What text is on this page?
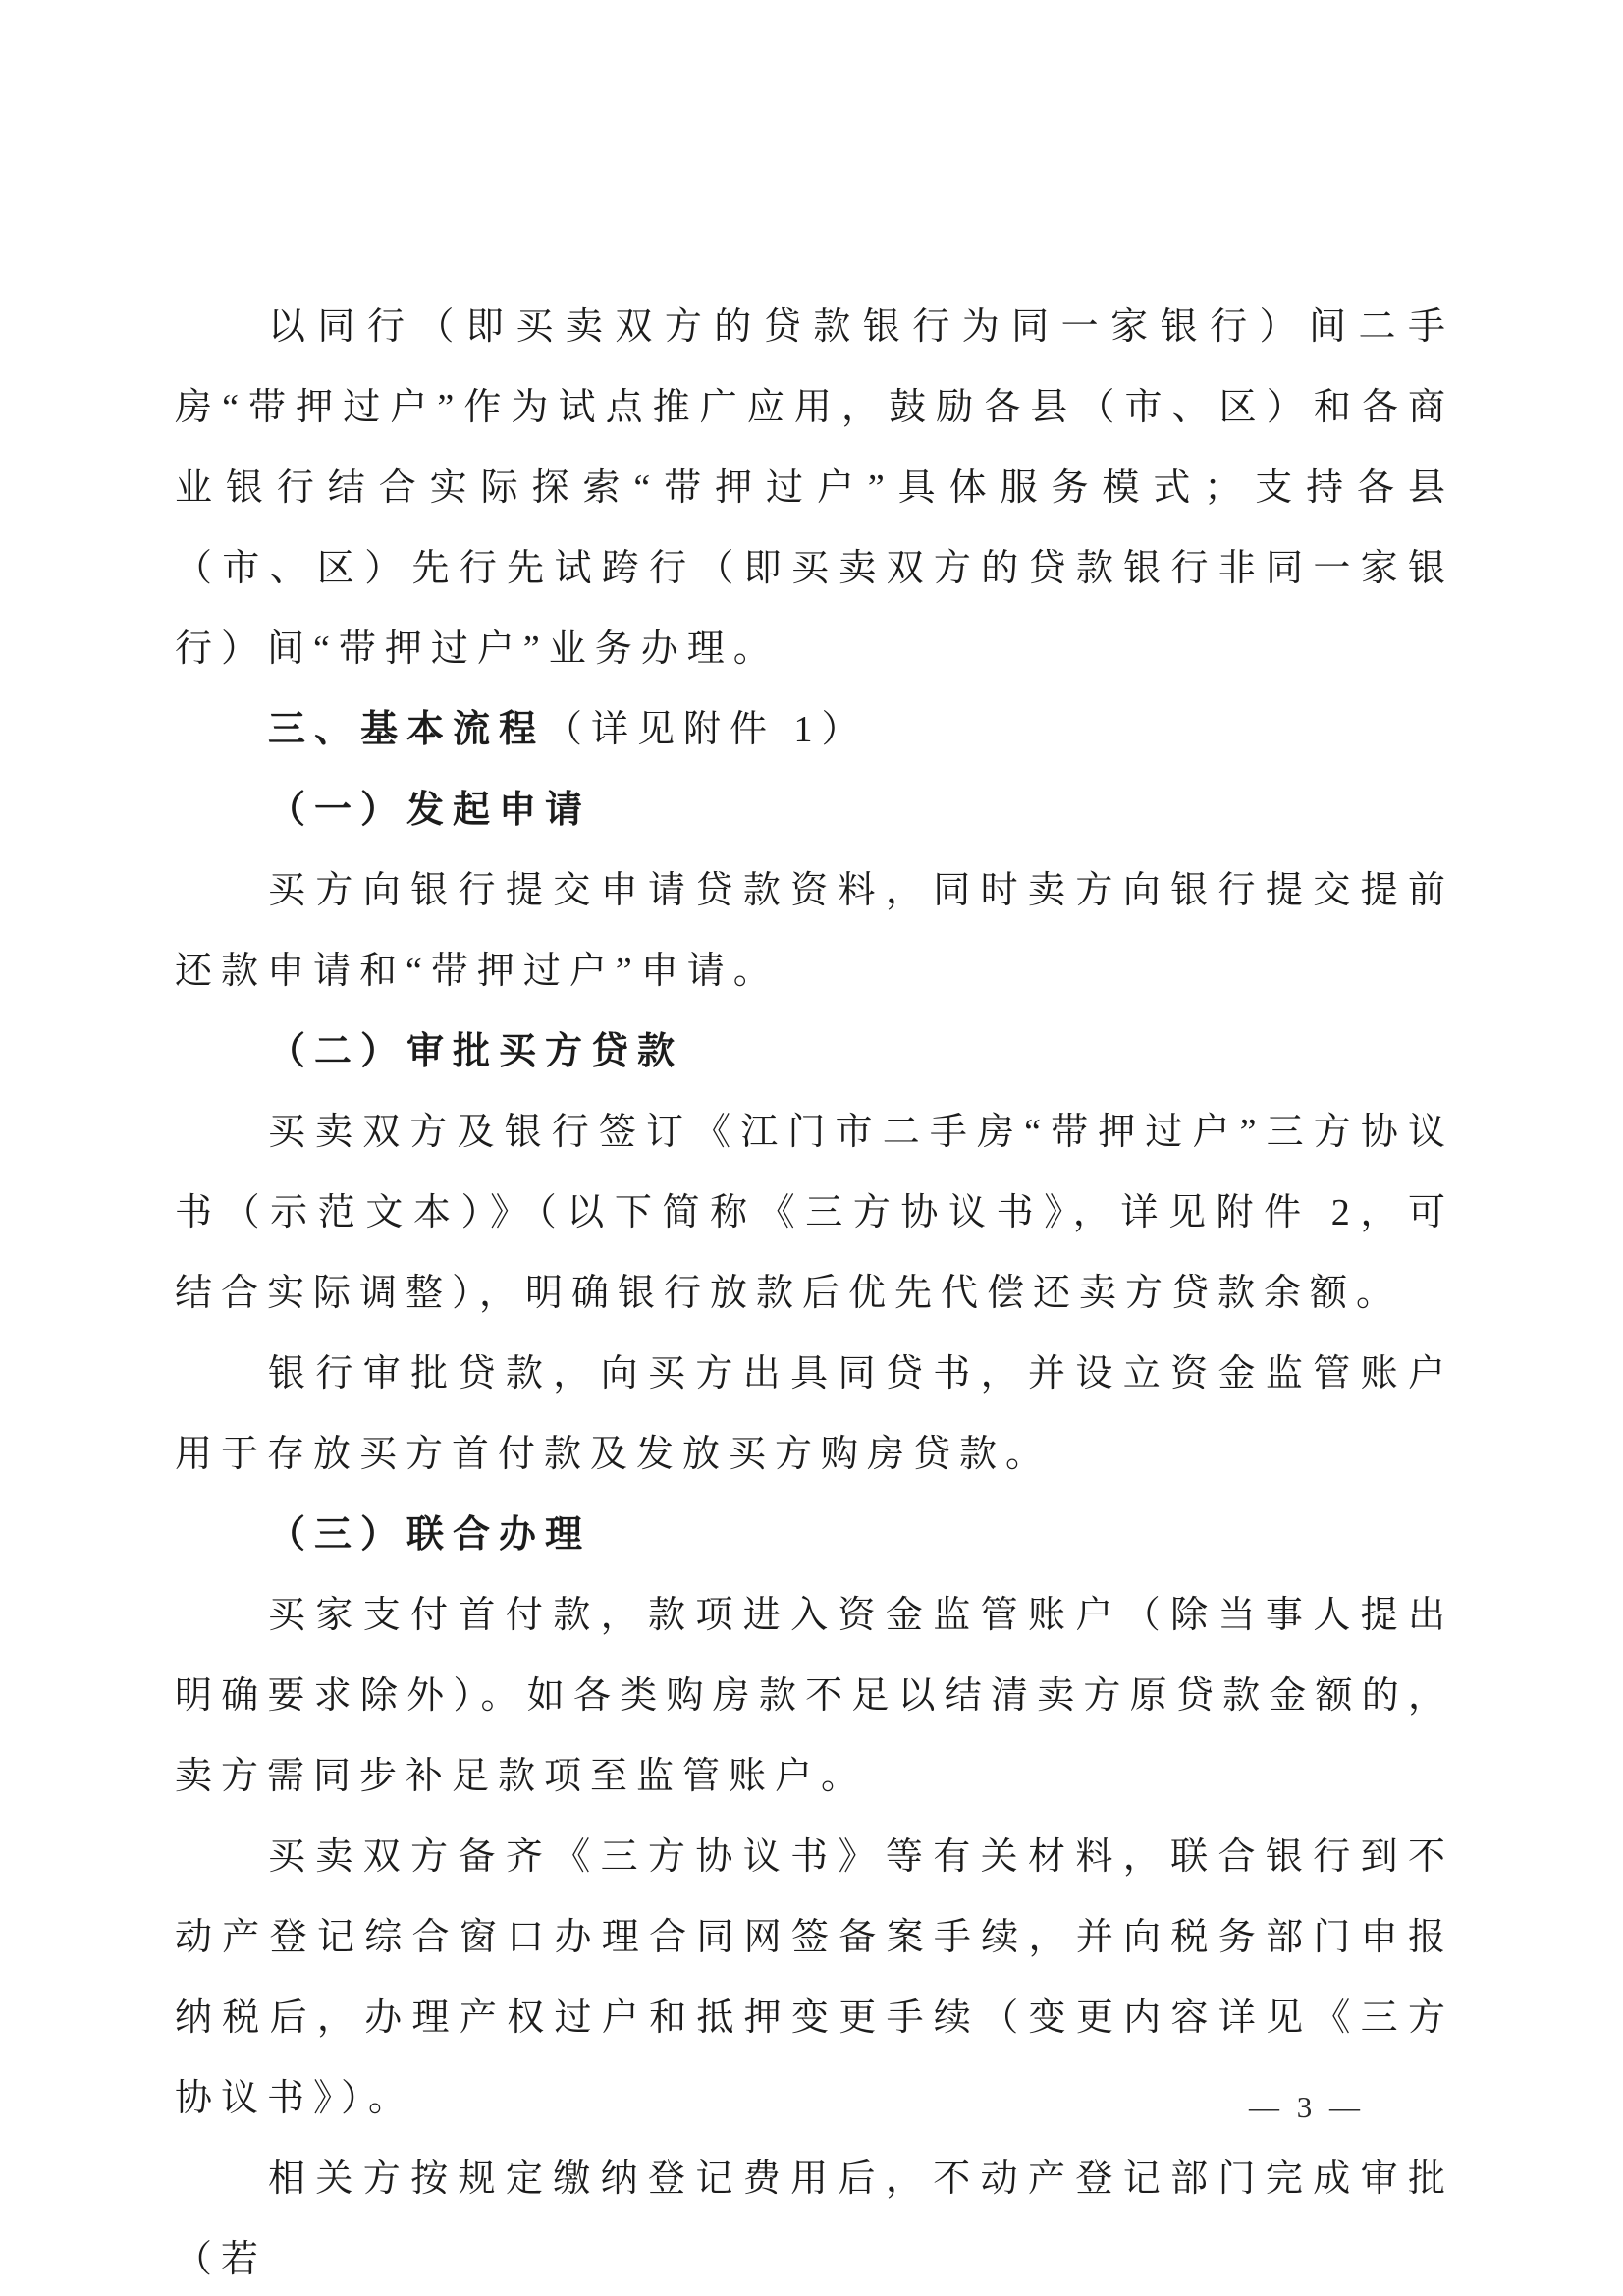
以同行（即买卖双方的贷款银行为同一家银行）间二手房“带押过户”作为试点推广应用，鼓励各县（市、区）和各商业银行结合实际探索“带押过户”具体服务模式；支持各县（市、区）先行先试跨行（即买卖双方的贷款银行非同一家银行）间“带押过户”业务办理。

三、基本流程（详见附件 1）

（一）发起申请

买方向银行提交申请贷款资料，同时卖方向银行提交提前还款申请和“带押过户”申请。

（二）审批买方贷款

买卖双方及银行签订《江门市二手房“带押过户”三方协议书（示范文本）》（以下简称《三方协议书》，详见附件 2，可结合实际调整），明确银行放款后优先代偿还卖方贷款余额。

银行审批贷款，向买方出具同贷书，并设立资金监管账户用于存放买方首付款及发放买方购房贷款。

（三）联合办理

买家支付首付款，款项进入资金监管账户（除当事人提出明确要求除外）。如各类购房款不足以结清卖方原贷款金额的，卖方需同步补足款项至监管账户。

买卖双方备齐《三方协议书》等有关材料，联合银行到不动产登记综合窗口办理合同网签备案手续，并向税务部门申报纳税后，办理产权过户和抵押变更手续（变更内容详见《三方协议书》）。

相关方按规定缴纳登记费用后，不动产登记部门完成审批（若

— 3 —
